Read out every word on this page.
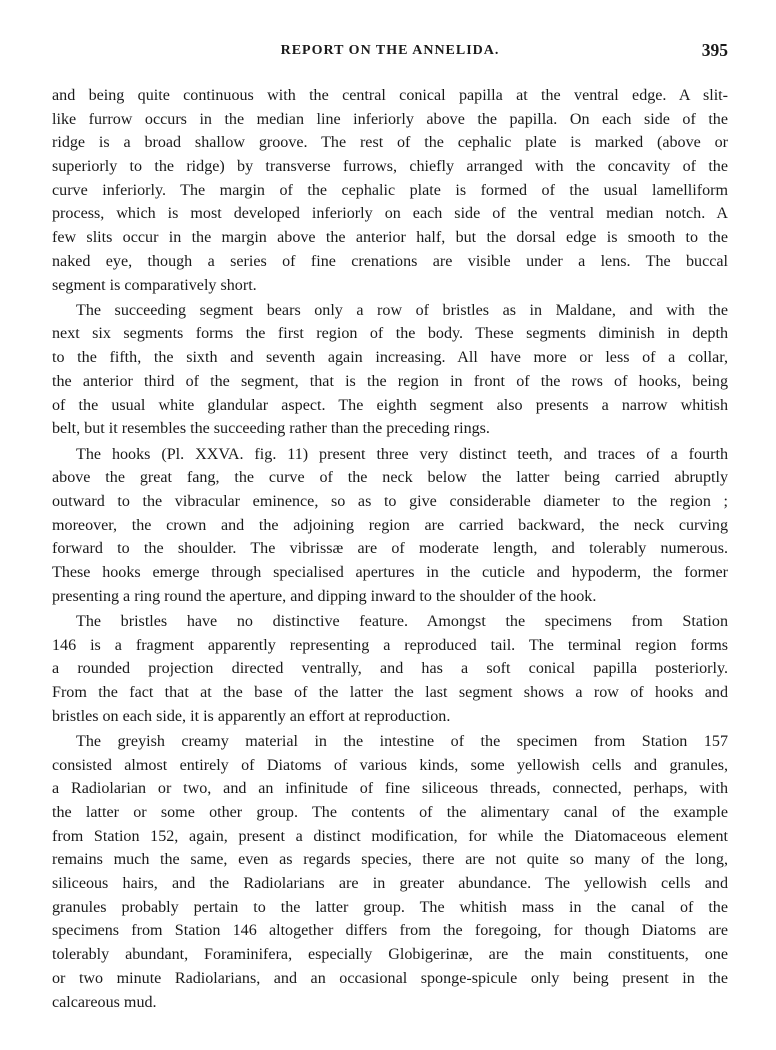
REPORT ON THE ANNELIDA.	395
and being quite continuous with the central conical papilla at the ventral edge. A slit-
like furrow occurs in the median line inferiorly above the papilla. On each side of the
ridge is a broad shallow groove. The rest of the cephalic plate is marked (above or
superiorly to the ridge) by transverse furrows, chiefly arranged with the concavity of the
curve inferiorly. The margin of the cephalic plate is formed of the usual lamelliform
process, which is most developed inferiorly on each side of the ventral median notch. A
few slits occur in the margin above the anterior half, but the dorsal edge is smooth to the
naked eye, though a series of fine crenations are visible under a lens. The buccal
segment is comparatively short.
The succeeding segment bears only a row of bristles as in Maldane, and with the
next six segments forms the first region of the body. These segments diminish in depth
to the fifth, the sixth and seventh again increasing. All have more or less of a collar,
the anterior third of the segment, that is the region in front of the rows of hooks, being
of the usual white glandular aspect. The eighth segment also presents a narrow whitish
belt, but it resembles the succeeding rather than the preceding rings.
The hooks (Pl. XXVA. fig. 11) present three very distinct teeth, and traces of a fourth
above the great fang, the curve of the neck below the latter being carried abruptly
outward to the vibracular eminence, so as to give considerable diameter to the region ;
moreover, the crown and the adjoining region are carried backward, the neck curving
forward to the shoulder. The vibrissæ are of moderate length, and tolerably numerous.
These hooks emerge through specialised apertures in the cuticle and hypoderm, the former
presenting a ring round the aperture, and dipping inward to the shoulder of the hook.
The bristles have no distinctive feature. Amongst the specimens from Station
146 is a fragment apparently representing a reproduced tail. The terminal region forms
a rounded projection directed ventrally, and has a soft conical papilla posteriorly.
From the fact that at the base of the latter the last segment shows a row of hooks and
bristles on each side, it is apparently an effort at reproduction.
The greyish creamy material in the intestine of the specimen from Station 157
consisted almost entirely of Diatoms of various kinds, some yellowish cells and granules,
a Radiolarian or two, and an infinitude of fine siliceous threads, connected, perhaps, with
the latter or some other group. The contents of the alimentary canal of the example
from Station 152, again, present a distinct modification, for while the Diatomaceous element
remains much the same, even as regards species, there are not quite so many of the long,
siliceous hairs, and the Radiolarians are in greater abundance. The yellowish cells and
granules probably pertain to the latter group. The whitish mass in the canal of the
specimens from Station 146 altogether differs from the foregoing, for though Diatoms are
tolerably abundant, Foraminifera, especially Globigerinæ, are the main constituents, one
or two minute Radiolarians, and an occasional sponge-spicule only being present in the
calcareous mud.
